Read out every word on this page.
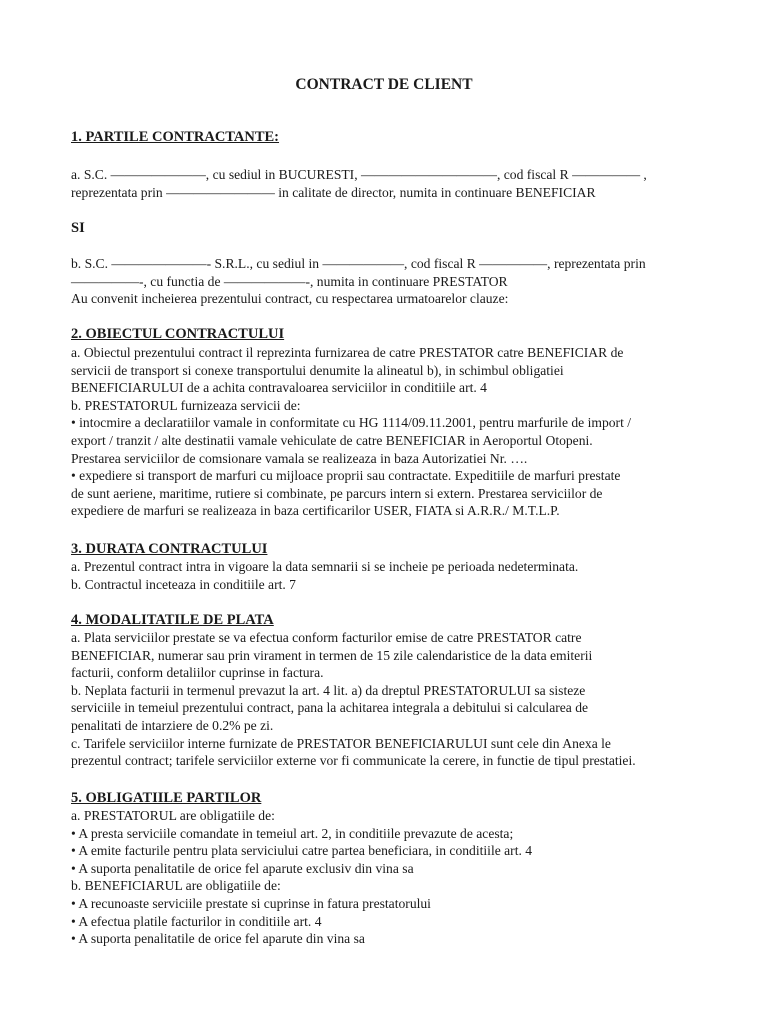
CONTRACT DE CLIENT
1. PARTILE CONTRACTANTE:

a. S.C. ———————, cu sediul in BUCURESTI, ——————————, cod fiscal R ————— ,
reprezentata prin ———————— in calitate de director, numita in continuare BENEFICIAR

SI

b. S.C. ———————- S.R.L., cu sediul in ——————, cod fiscal R —————, reprezentata prin
—————-, cu functia de ——————-, numita in continuare PRESTATOR
Au convenit incheierea prezentului contract, cu respectarea urmatoarelor clauze:

2. OBIECTUL CONTRACTULUI

a. Obiectul prezentului contract il reprezinta furnizarea de catre PRESTATOR catre BENEFICIAR de
servicii de transport si conexe transportului denumite la alineatul b), in schimbul obligatiei
BENEFICIARULUI de a achita contravaloarea serviciilor in conditiile art. 4
b. PRESTATORUL furnizeaza servicii de:
• intocmire a declaratiilor vamale in conformitate cu HG 1114/09.11.2001, pentru marfurile de import /
export / tranzit / alte destinatii vamale vehiculate de catre BENEFICIAR in Aeroportul Otopeni.
Prestarea serviciilor de comsionare vamala se realizeaza in baza Autorizatiei Nr. ….
• expediere si transport de marfuri cu mijloace proprii sau contractate. Expeditiile de marfuri prestate
de sunt aeriene, maritime, rutiere si combinate, pe parcurs intern si extern. Prestarea serviciilor de
expediere de marfuri se realizeaza in baza certificarilor USER, FIATA si A.R.R./ M.T.L.P.

3. DURATA CONTRACTULUI

a. Prezentul contract intra in vigoare la data semnarii si se incheie pe perioada nedeterminata.
b. Contractul inceteaza in conditiile art. 7

4. MODALITATILE DE PLATA

a. Plata serviciilor prestate se va efectua conform facturilor emise de catre PRESTATOR catre
BENEFICIAR, numerar sau prin virament in termen de 15 zile calendaristice de la data emiterii
facturii, conform detaliilor cuprinse in factura.
b. Neplata facturii in termenul prevazut la art. 4 lit. a) da dreptul PRESTATORULUI sa sisteze
serviciile in temeiul prezentului contract, pana la achitarea integrala a debitului si calcularea de
penalitati de intarziere de 0.2% pe zi.
c. Tarifele serviciilor interne furnizate de PRESTATOR BENEFICIARULUI sunt cele din Anexa le
prezentul contract; tarifele serviciilor externe vor fi communicate la cerere, in functie de tipul prestatiei.

5. OBLIGATIILE PARTILOR

a. PRESTATORUL are obligatiile de:
• A presta serviciile comandate in temeiul art. 2, in conditiile prevazute de acesta;
• A emite facturile pentru plata serviciului catre partea beneficiara, in conditiile art. 4
• A suporta penalitatile de orice fel aparute exclusiv din vina sa
b. BENEFICIARUL are obligatiile de:
• A recunoaste serviciile prestate si cuprinse in fatura prestatorului
• A efectua platile facturilor in conditiile art. 4
• A suporta penalitatile de orice fel aparute din vina sa
